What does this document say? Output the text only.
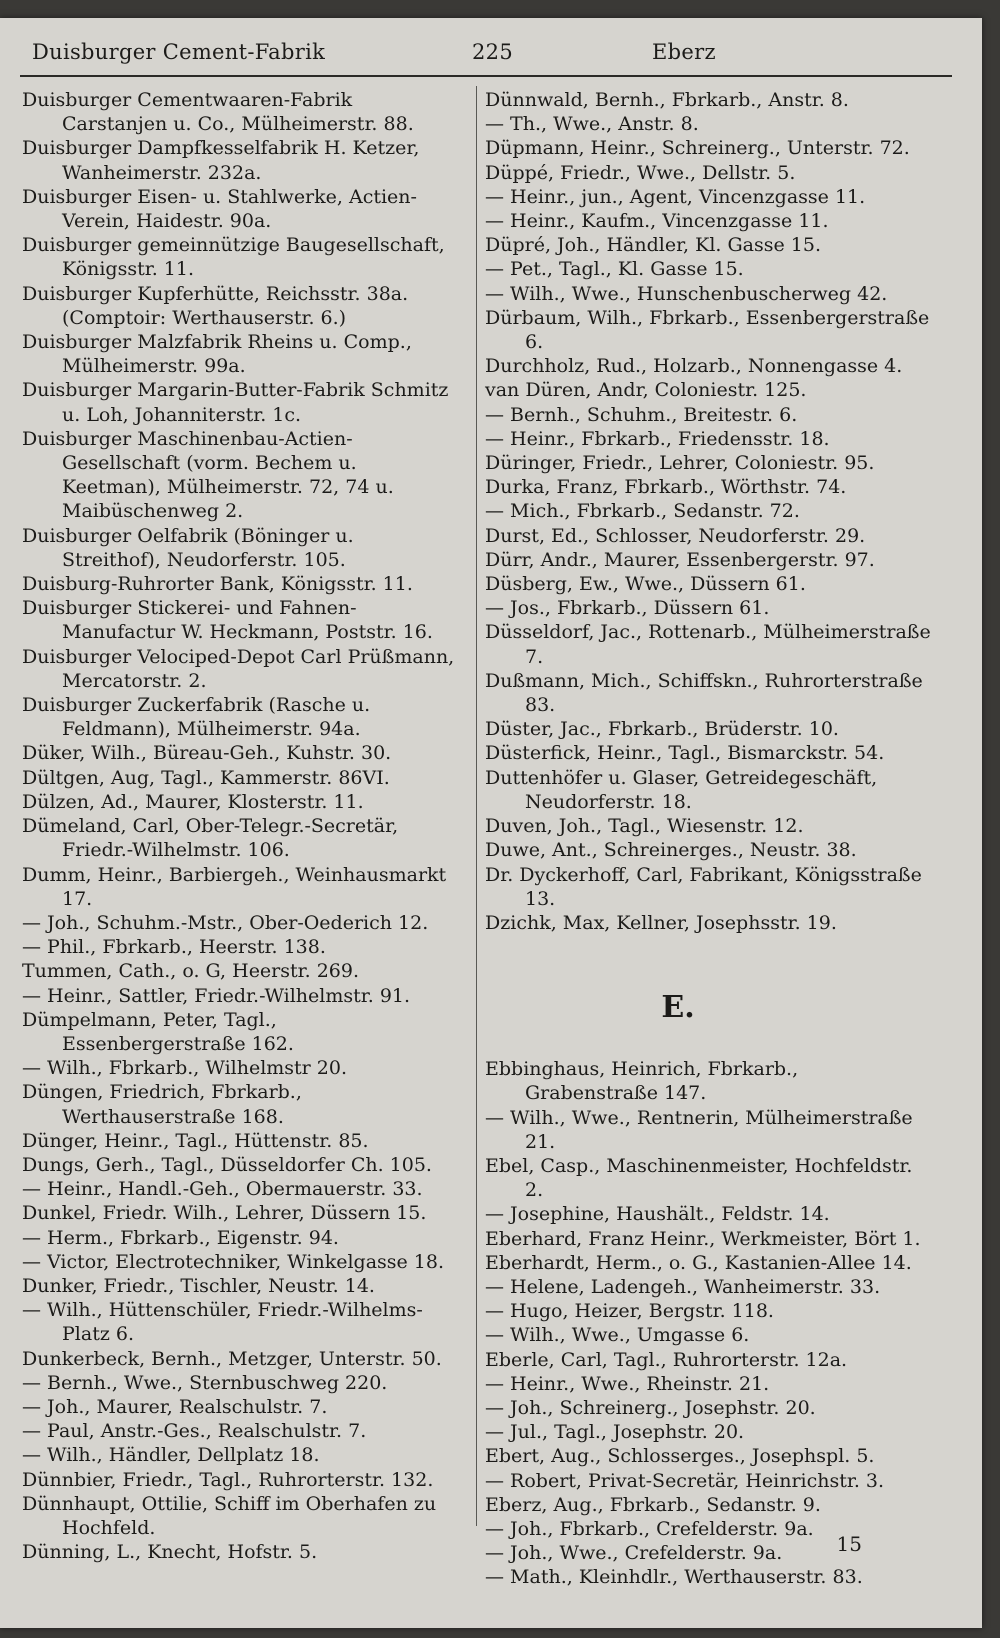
Duisburger Cement-Fabrik	225	Eberz
Duisburger Cementwaaren-Fabrik Carstanjen u. Co., Mülheimerstr. 88.
Duisburger Dampfkesselfabrik H. Ketzer, Wanheimerstr. 232a.
Duisburger Eisen- u. Stahlwerke, Actien-Verein, Haidestr. 90a.
Duisburger gemeinnützige Baugesellschaft, Königsstr. 11.
Duisburger Kupferhütte, Reichsstr. 38a. (Comptoir: Werthauserstr. 6.)
Duisburger Malzfabrik Rheins u. Comp., Mülheimerstr. 99a.
Duisburger Margarin-Butter-Fabrik Schmitz u. Loh, Johanniterstr. 1c.
Duisburger Maschinenbau-Actien-Gesellschaft (vorm. Bechem u. Keetman), Mülheimerstr. 72, 74 u. Maibüschenweg 2.
Duisburger Oelfabrik (Böninger u. Streithof), Neudorferstr. 105.
Duisburg-Ruhrorter Bank, Königsstr. 11.
Duisburger Stickerei- und Fahnen-Manufactur W. Heckmann, Poststr. 16.
Duisburger Velociped-Depot Carl Prüßmann, Mercatorstr. 2.
Duisburger Zuckerfabrik (Rasche u. Feldmann), Mülheimerstr. 94a.
Düker, Wilh., Büreau-Geh., Kuhstr. 30.
Dültgen, Aug, Tagl., Kammerstr. 86VI.
Dülzen, Ad., Maurer, Klosterstr. 11.
Dümeland, Carl, Ober-Telegr.-Secretär, Friedr.-Wilhelmstr. 106.
Dumm, Heinr., Barbiergeh., Weinhausmarkt 17.
— Joh., Schuhm.-Mstr., Ober-Oederich 12.
— Phil., Fbrkarb., Heerstr. 138.
Tummen, Cath., o. G, Heerstr. 269.
— Heinr., Sattler, Friedr.-Wilhelmstr. 91.
Dümpelmann, Peter, Tagl., Essenbergerstraße 162.
— Wilh., Fbrkarb., Wilhelmstr 20.
Düngen, Friedrich, Fbrkarb., Werthauserstraße 168.
Dünger, Heinr., Tagl., Hüttenstr. 85.
Dungs, Gerh., Tagl., Düsseldorfer Ch. 105.
— Heinr., Handl.-Geh., Obermauerstr. 33.
Dunkel, Friedr. Wilh., Lehrer, Düssern 15.
— Herm., Fbrkarb., Eigenstr. 94.
— Victor, Electrotechniker, Winkelgasse 18.
Dunker, Friedr., Tischler, Neustr. 14.
— Wilh., Hüttenschüler, Friedr.-Wilhelms-Platz 6.
Dunkerbeck, Bernh., Metzger, Unterstr. 50.
— Bernh., Wwe., Sternbuschweg 220.
— Joh., Maurer, Realschulstr. 7.
— Paul, Anstr.-Ges., Realschulstr. 7.
— Wilh., Händler, Dellplatz 18.
Dünnbier, Friedr., Tagl., Ruhrorterstr. 132.
Dünnhaupt, Ottilie, Schiff im Oberhafen zu Hochfeld.
Dünning, L., Knecht, Hofstr. 5.
Dünnwald, Bernh., Fbrkarb., Anstr. 8.
— Th., Wwe., Anstr. 8.
Düpmann, Heinr., Schreinerg., Unterstr. 72.
Düppé, Friedr., Wwe., Dellstr. 5.
— Heinr., jun., Agent, Vincenzgasse 11.
— Heinr., Kaufm., Vincenzgasse 11.
Düpré, Joh., Händler, Kl. Gasse 15.
— Pet., Tagl., Kl. Gasse 15.
— Wilh., Wwe., Hunschenbuscherweg 42.
Dürbaum, Wilh., Fbrkarb., Essenbergerstraße 6.
Durchholz, Rud., Holzarb., Nonnengasse 4.
van Düren, Andr, Coloniestr. 125.
— Bernh., Schuhm., Breitestr. 6.
— Heinr., Fbrkarb., Friedensstr. 18.
Düringer, Friedr., Lehrer, Coloniestr. 95.
Durka, Franz, Fbrkarb., Wörthstr. 74.
— Mich., Fbrkarb., Sedanstr. 72.
Durst, Ed., Schlosser, Neudorferstr. 29.
Dürr, Andr., Maurer, Essenbergerstr. 97.
Düsberg, Ew., Wwe., Düssern 61.
— Jos., Fbrkarb., Düssern 61.
Düsseldorf, Jac., Rottenarb., Mülheimerstraße 7.
Dußmann, Mich., Schiffskn., Ruhrorterstraße 83.
Düster, Jac., Fbrkarb., Brüderstr. 10.
Düsterfick, Heinr., Tagl., Bismarckstr. 54.
Duttenhöfer u. Glaser, Getreidegeschäft, Neudorferstr. 18.
Duven, Joh., Tagl., Wiesenstr. 12.
Duwe, Ant., Schreinerges., Neustr. 38.
Dr. Dyckerhoff, Carl, Fabrikant, Königsstraße 13.
Dzichk, Max, Kellner, Josephsstr. 19.
E.
Ebbinghaus, Heinrich, Fbrkarb., Grabenstraße 147.
— Wilh., Wwe., Rentnerin, Mülheimerstraße 21.
Ebel, Casp., Maschinenmeister, Hochfeldstr. 2.
— Josephine, Haushält., Feldstr. 14.
Eberhard, Franz Heinr., Werkmeister, Bört 1.
Eberhardt, Herm., o. G., Kastanien-Allee 14.
— Helene, Ladengeh., Wanheimerstr. 33.
— Hugo, Heizer, Bergstr. 118.
— Wilh., Wwe., Umgasse 6.
Eberle, Carl, Tagl., Ruhrorterstr. 12a.
— Heinr., Wwe., Rheinstr. 21.
— Joh., Schreinerg., Josephstr. 20.
— Jul., Tagl., Josephstr. 20.
Ebert, Aug., Schlosserges., Josephspl. 5.
— Robert, Privat-Secretär, Heinrichstr. 3.
Eberz, Aug., Fbrkarb., Sedanstr. 9.
— Joh., Fbrkarb., Crefelderstr. 9a.
— Joh., Wwe., Crefelderstr. 9a.
— Math., Kleinhdlr., Werthauserstr. 83.
15
